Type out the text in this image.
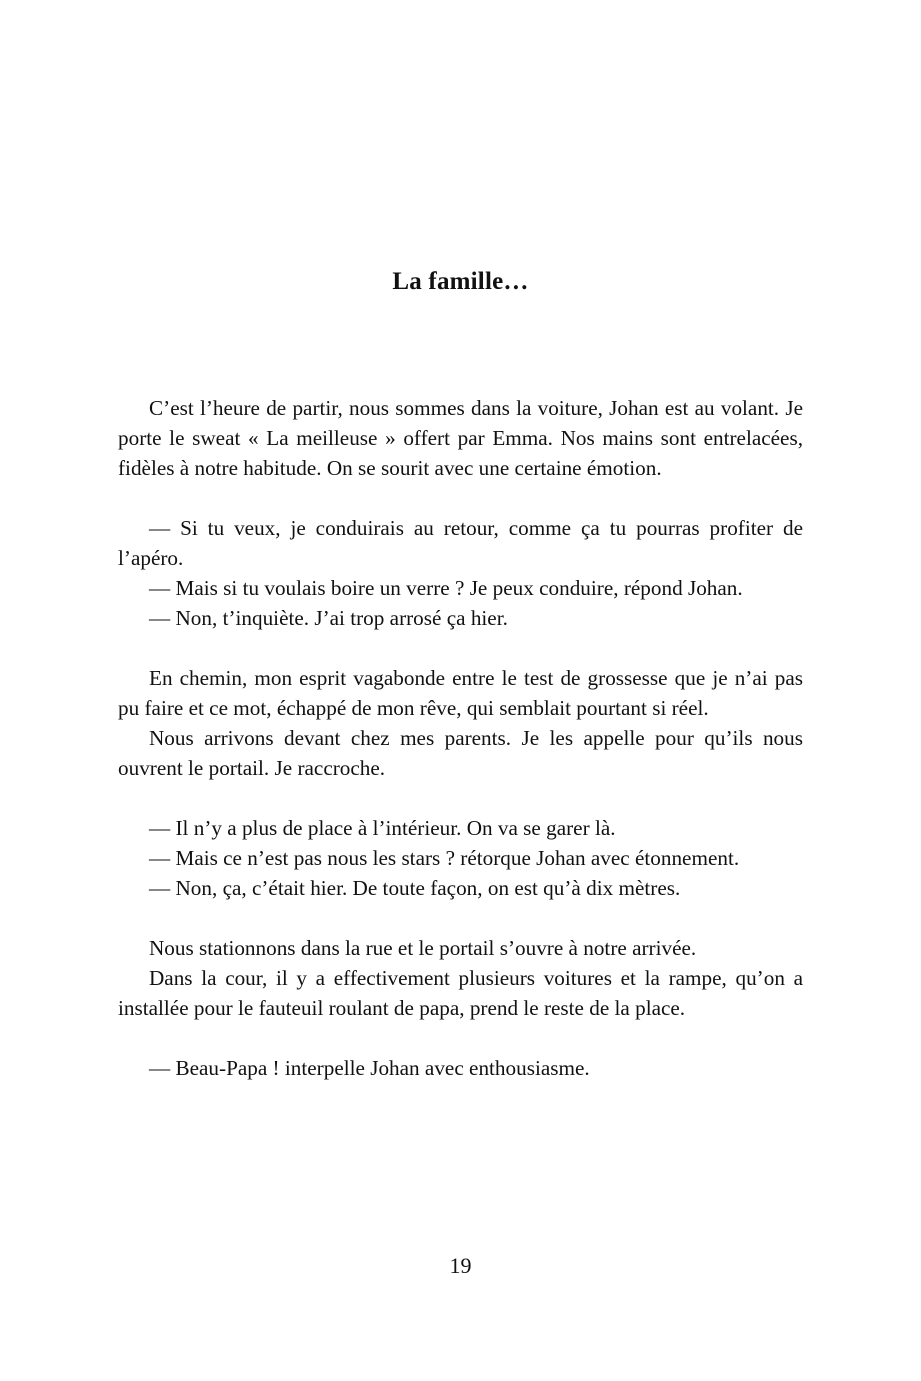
La famille…

C’est l’heure de partir, nous sommes dans la voiture, Johan est au volant. Je porte le sweat « La meilleuse » offert par Emma. Nos mains sont entrelacées, fidèles à notre habitude. On se sourit avec une certaine émotion.

— Si tu veux, je conduirais au retour, comme ça tu pourras profiter de l’apéro.

— Mais si tu voulais boire un verre ? Je peux conduire, répond Johan.

— Non, t’inquiète. J’ai trop arrosé ça hier.

En chemin, mon esprit vagabonde entre le test de grossesse que je n’ai pas pu faire et ce mot, échappé de mon rêve, qui semblait pourtant si réel.

Nous arrivons devant chez mes parents. Je les appelle pour qu’ils nous ouvrent le portail. Je raccroche.

— Il n’y a plus de place à l’intérieur. On va se garer là.

— Mais ce n’est pas nous les stars ? rétorque Johan avec étonnement.

— Non, ça, c’était hier. De toute façon, on est qu’à dix mètres.

Nous stationnons dans la rue et le portail s’ouvre à notre arrivée.

Dans la cour, il y a effectivement plusieurs voitures et la rampe, qu’on a installée pour le fauteuil roulant de papa, prend le reste de la place.

— Beau-Papa ! interpelle Johan avec enthousiasme.

19
